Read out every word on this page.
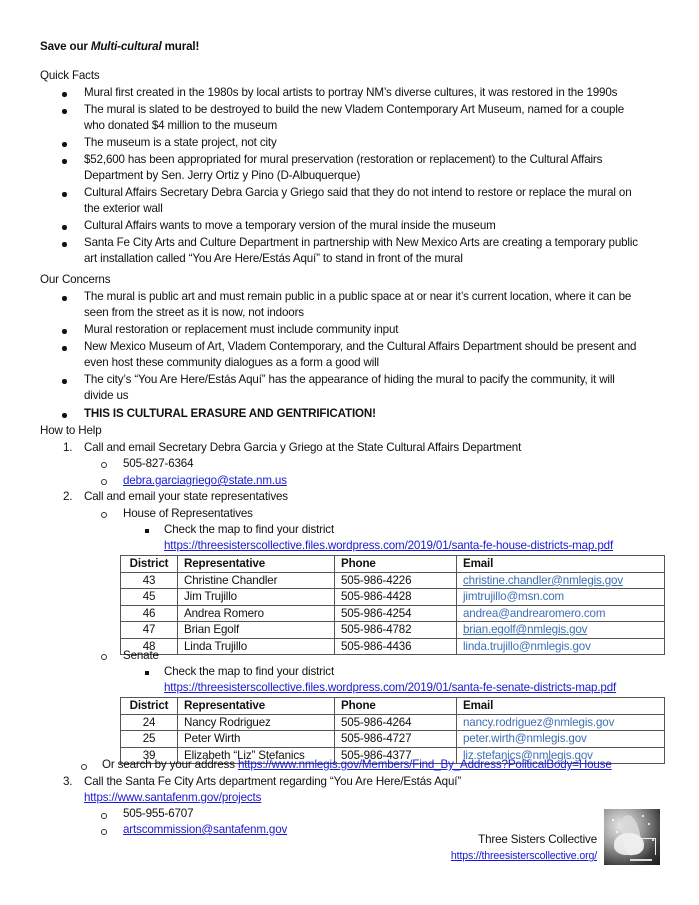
Save our Multi-cultural mural!
Quick Facts
Mural first created in the 1980s by local artists to portray NM’s diverse cultures, it was restored in the 1990s
The mural is slated to be destroyed to build the new Vladem Contemporary Art Museum, named for a couple
who donated $4 million to the museum
The museum is a state project, not city
$52,600 has been appropriated for mural preservation (restoration or replacement) to the Cultural Affairs
Department by Sen. Jerry Ortiz y Pino (D-Albuquerque)
Cultural Affairs Secretary Debra Garcia y Griego said that they do not intend to restore or replace the mural on
the exterior wall
Cultural Affairs wants to move a temporary version of the mural inside the museum
Santa Fe City Arts and Culture Department in partnership with New Mexico Arts are creating a temporary public
art installation called “You Are Here/Estás Aquí” to stand in front of the mural
Our Concerns
The mural is public art and must remain public in a public space at or near it’s current location, where it can be
seen from the street as it is now, not indoors
Mural restoration or replacement must include community input
New Mexico Museum of Art, Vladem Contemporary, and the Cultural Affairs Department should be present and
even host these community dialogues as a form a good will
The city’s “You Are Here/Estás Aquí” has the appearance of hiding the mural to pacify the community, it will
divide us
THIS IS CULTURAL ERASURE AND GENTRIFICATION!
How to Help
1. Call and email Secretary Debra Garcia y Griego at the State Cultural Affairs Department
505-827-6364
debra.garciagriego@state.nm.us
2. Call and email your state representatives
House of Representatives
Check the map to find your district
https://threesisterscollective.files.wordpress.com/2019/01/santa-fe-house-districts-map.pdf
District	Representative	Phone	Email
43	Christine Chandler	505-986-4226	christine.chandler@nmlegis.gov
45	Jim Trujillo	505-986-4428	jimtrujillo@msn.com
46	Andrea Romero	505-986-4254	andrea@andrearomero.com
47	Brian Egolf	505-986-4782	brian.egolf@nmlegis.gov
48	Linda Trujillo	505-986-4436	linda.trujillo@nmlegis.gov
Senate
Check the map to find your district
https://threesisterscollective.files.wordpress.com/2019/01/santa-fe-senate-districts-map.pdf
District	Representative	Phone	Email
24	Nancy Rodriguez	505-986-4264	nancy.rodriguez@nmlegis.gov
25	Peter Wirth	505-986-4727	peter.wirth@nmlegis.gov
39	Elizabeth “Liz” Stefanics	505-986-4377	liz.stefanics@nmlegis.gov
Or search by your address https://www.nmlegis.gov/Members/Find_By_Address?PoliticalBody=House
3. Call the Santa Fe City Arts department regarding “You Are Here/Estás Aquí”
https://www.santafenm.gov/projects
505-955-6707
artscommission@santafenm.gov
Three Sisters Collective
https://threesisterscollective.org/
